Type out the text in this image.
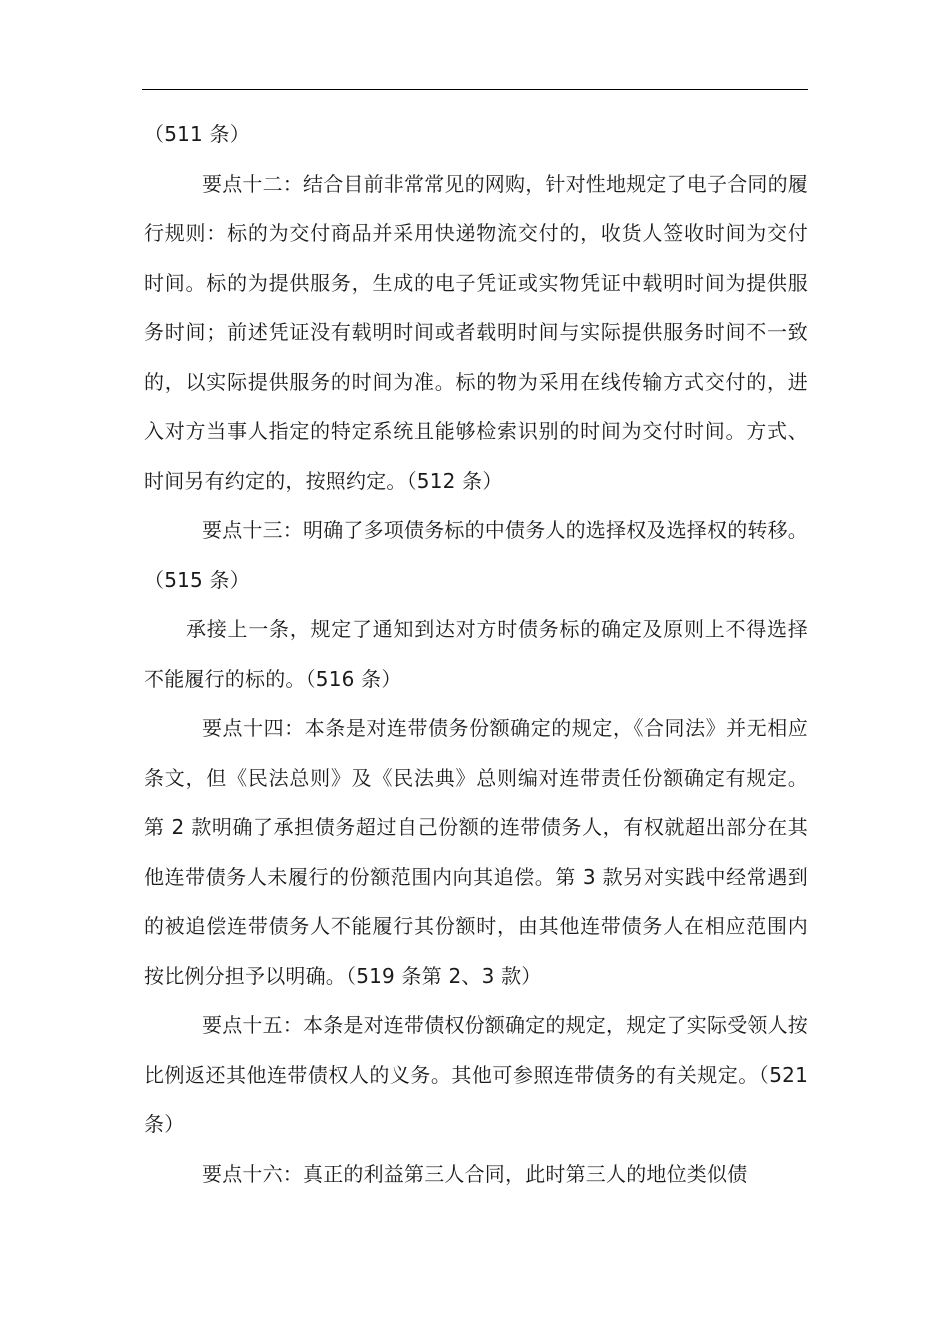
（511 条）

要点十二：结合目前非常常见的网购，针对性地规定了电子合同的履行规则：标的为交付商品并采用快递物流交付的，收货人签收时间为交付时间。标的为提供服务，生成的电子凭证或实物凭证中载明时间为提供服务时间；前述凭证没有载明时间或者载明时间与实际提供服务时间不一致的，以实际提供服务的时间为准。标的物为采用在线传输方式交付的，进入对方当事人指定的特定系统且能够检索识别的时间为交付时间。方式、时间另有约定的，按照约定。（512 条）

要点十三：明确了多项债务标的中债务人的选择权及选择权的转移。（515 条）

承接上一条，规定了通知到达对方时债务标的确定及原则上不得选择不能履行的标的。（516 条）

要点十四：本条是对连带债务份额确定的规定，《合同法》并无相应条文，但《民法总则》及《民法典》总则编对连带责任份额确定有规定。第 2 款明确了承担债务超过自己份额的连带债务人，有权就超出部分在其他连带债务人未履行的份额范围内向其追偿。第 3 款另对实践中经常遇到的被追偿连带债务人不能履行其份额时，由其他连带债务人在相应范围内按比例分担予以明确。（519 条第 2、3 款）

要点十五：本条是对连带债权份额确定的规定，规定了实际受领人按比例返还其他连带债权人的义务。其他可参照连带债务的有关规定。（521 条）

要点十六：真正的利益第三人合同，此时第三人的地位类似债
